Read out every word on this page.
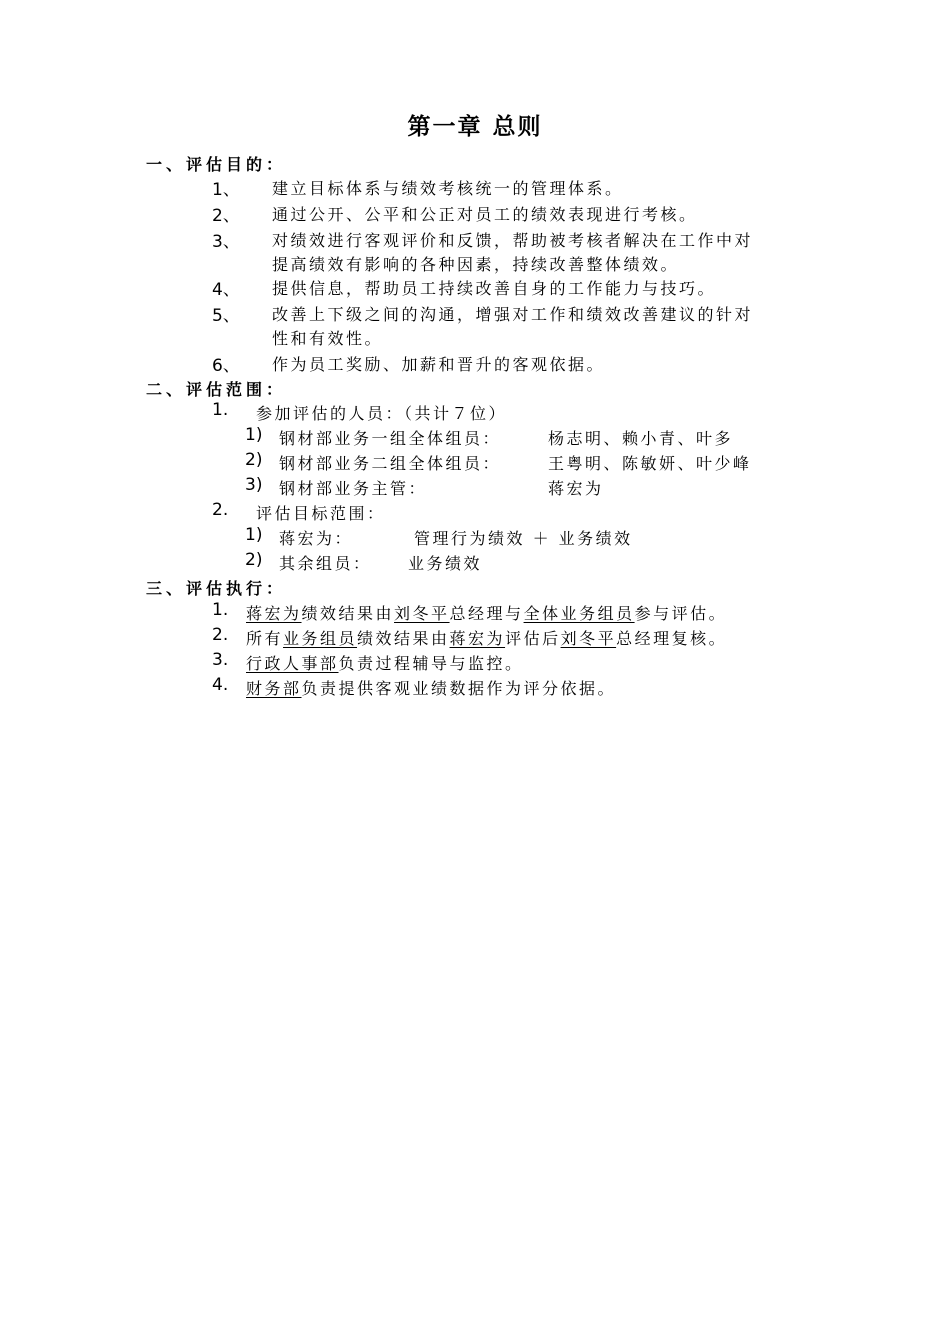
第一章 总则
一、评估目的：
1、 建立目标体系与绩效考核统一的管理体系。
2、 通过公开、公平和公正对员工的绩效表现进行考核。
3、 对绩效进行客观评价和反馈，帮助被考核者解决在工作中对
提高绩效有影响的各种因素，持续改善整体绩效。
4、 提供信息，帮助员工持续改善自身的工作能力与技巧。
5、 改善上下级之间的沟通，增强对工作和绩效改善建议的针对
性和有效性。
6、 作为员工奖励、加薪和晋升的客观依据。
二、评估范围：
1. 参加评估的人员：（共计７位）
1) 钢材部业务一组全体组员：	杨志明、赖小青、叶多
2) 钢材部业务二组全体组员：	王粤明、陈敏妍、叶少峰
3) 钢材部业务主管：	蒋宏为
2. 评估目标范围：
1) 蒋宏为：	管理行为绩效 ＋ 业务绩效
2) 其余组员： 业务绩效
三、评估执行：
1. 蒋宏为绩效结果由刘冬平总经理与全体业务组员参与评估。
2. 所有业务组员绩效结果由蒋宏为评估后刘冬平总经理复核。
3. 行政人事部负责过程辅导与监控。
4. 财务部负责提供客观业绩数据作为评分依据。
